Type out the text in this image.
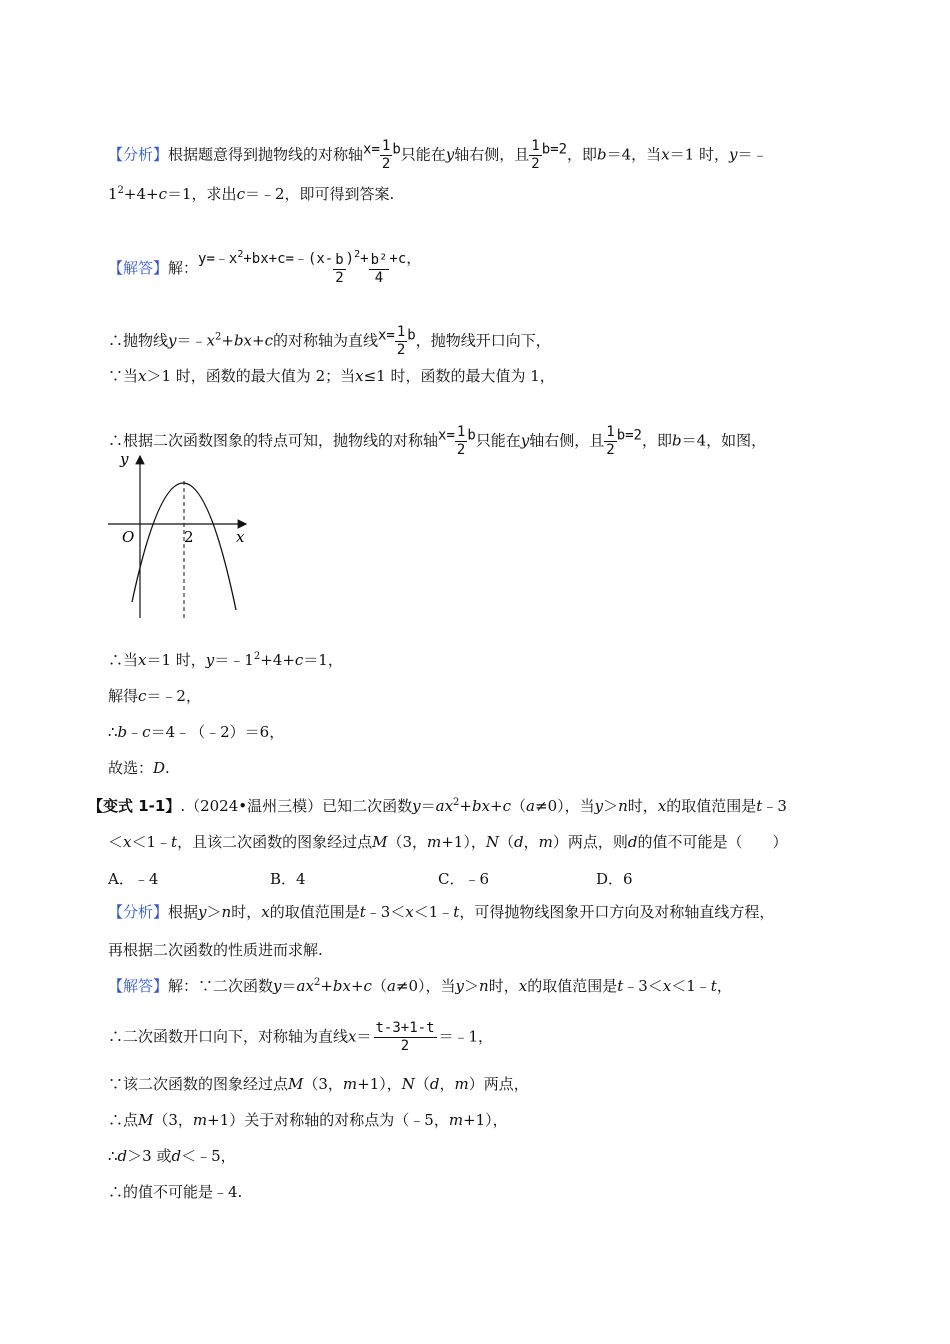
【分析】根据题意得到抛物线的对称轴$x= \frac{1}{2}$ b只能在y轴右侧，且 $\frac{1}{2} b=2$，即b＝4，当x＝1 时，y＝﹣
$1^2+4+c=1$，求出c＝﹣2，即可得到答案.
【解答】解：$y=﹣x^2+bx+c=﹣(x- \frac{b}{2} )^2+ \frac{\text{b²}}{4} +c$，
∴抛物线$y=﹣x^2+bx+c$的对称轴为直线$x= \frac{1}{2}$ b，抛物线开口向下，
∵当x＞1 时，函数的最大值为 2；当x≤1 时，函数的最大值为 1，
∴根据二次函数图象的特点可知，抛物线的对称轴$x= \frac{1}{2}$ b只能在y轴右侧，且 $\frac{1}{2} b=2$，即b＝4，如图，
y
x
O	2
∴当x＝1 时，$y=﹣1^2+4+c=1$，
解得c＝﹣2，
∴b﹣c＝4﹣（﹣2）＝6，
故选：D.
【变式 1-1】.（2024•温州三模）已知二次函数$y=ax^2+bx+c(a\ne 0)$，当y＞n时，x的取值范围是t﹣3
＜x＜1﹣t，且该二次函数的图象经过点M（3，m+1），N（d，m）两点，则d的值不可能是（　　）
A．﹣4	B．4	C．﹣6	D．6
【分析】根据y＞n时，x的取值范围是t﹣3＜x＜1﹣t，可得抛物线图象开口方向及对称轴直线方程，
再根据二次函数的性质进而求解.
【解答】解：∵二次函数$y=ax^2+bx+c(a\ne 0)$，当y＞n时，x的取值范围是t﹣3＜x＜1﹣t，
∴二次函数开口向下，对称轴为直线$x= \frac{t-3+1-t}{2}$ ＝﹣1，
∵该二次函数的图象经过点M（3，m+1），N（d，m）两点，
∴点M（3，m+1）关于对称轴的对称点为（﹣5，m+1），
∴d＞3 或d＜﹣5，
∴的值不可能是﹣4.
